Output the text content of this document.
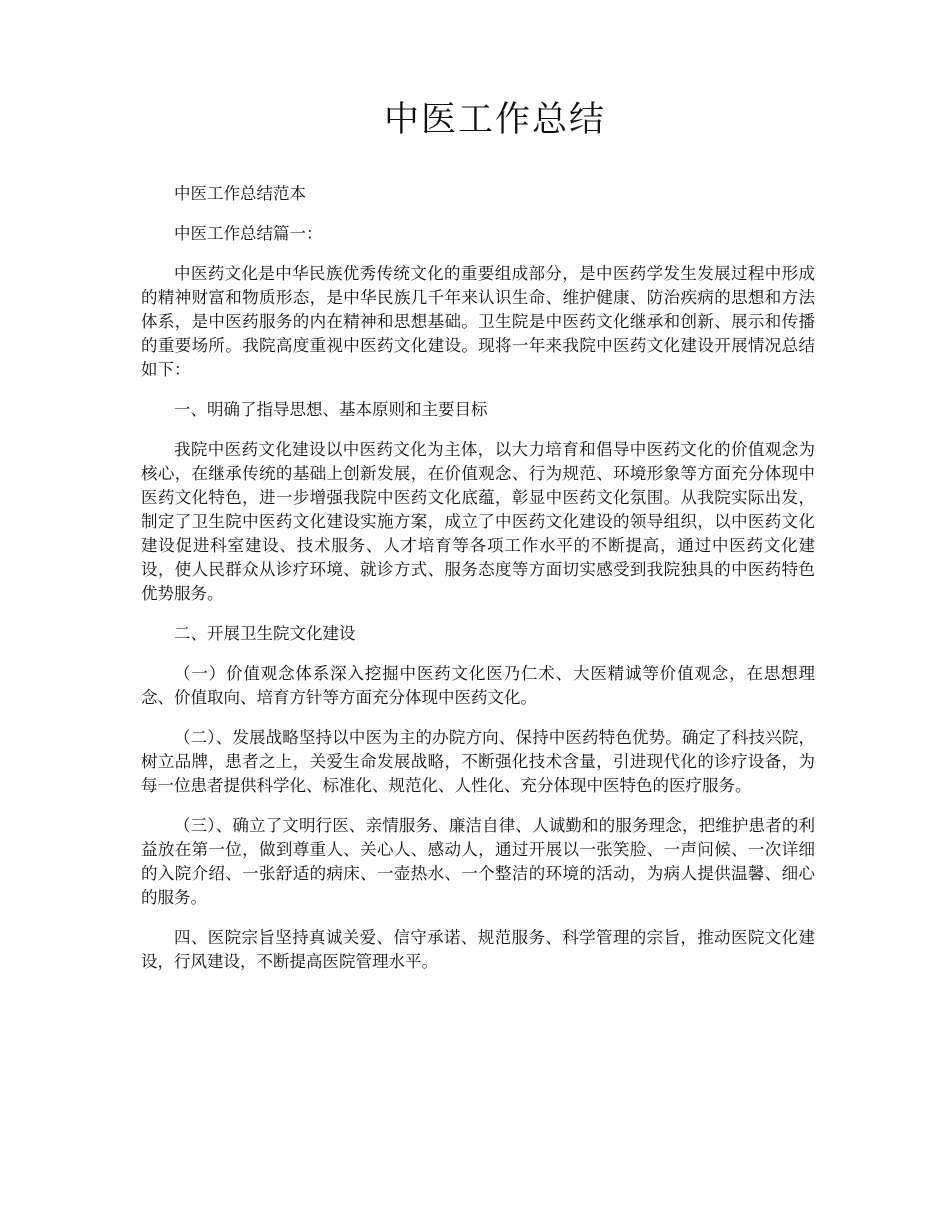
中医工作总结

中医工作总结范本

中医工作总结篇一：

中医药文化是中华民族优秀传统文化的重要组成部分，是中医药学发生发展过程中形成的精神财富和物质形态，是中华民族几千年来认识生命、维护健康、防治疾病的思想和方法体系，是中医药服务的内在精神和思想基础。卫生院是中医药文化继承和创新、展示和传播的重要场所。我院高度重视中医药文化建设。现将一年来我院中医药文化建设开展情况总结如下：

一、明确了指导思想、基本原则和主要目标

我院中医药文化建设以中医药文化为主体，以大力培育和倡导中医药文化的价值观念为核心，在继承传统的基础上创新发展，在价值观念、行为规范、环境形象等方面充分体现中医药文化特色，进一步增强我院中医药文化底蕴，彰显中医药文化氛围。从我院实际出发，制定了卫生院中医药文化建设实施方案，成立了中医药文化建设的领导组织，以中医药文化建设促进科室建设、技术服务、人才培育等各项工作水平的不断提高，通过中医药文化建设，使人民群众从诊疗环境、就诊方式、服务态度等方面切实感受到我院独具的中医药特色优势服务。

二、开展卫生院文化建设

（一）价值观念体系深入挖掘中医药文化医乃仁术、大医精诚等价值观念，在思想理念、价值取向、培育方针等方面充分体现中医药文化。

（二）、发展战略坚持以中医为主的办院方向、保持中医药特色优势。确定了科技兴院，树立品牌，患者之上，关爱生命发展战略，不断强化技术含量，引进现代化的诊疗设备，为每一位患者提供科学化、标准化、规范化、人性化、充分体现中医特色的医疗服务。

（三）、确立了文明行医、亲情服务、廉洁自律、人诚勤和的服务理念，把维护患者的利益放在第一位，做到尊重人、关心人、感动人，通过开展以一张笑脸、一声问候、一次详细的入院介绍、一张舒适的病床、一壶热水、一个整洁的环境的活动，为病人提供温馨、细心的服务。

四、医院宗旨坚持真诚关爱、信守承诺、规范服务、科学管理的宗旨，推动医院文化建设，行风建设，不断提高医院管理水平。
